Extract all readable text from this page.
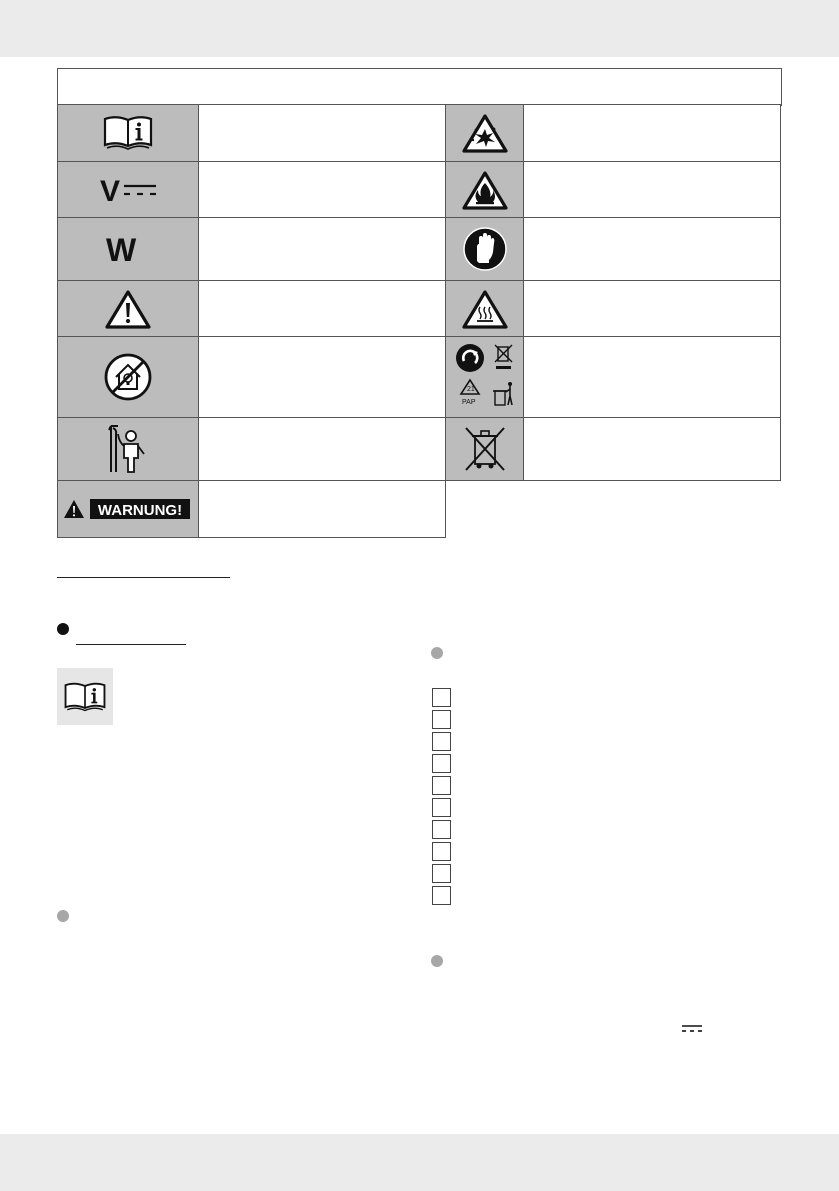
V
W
21
PAP
WARNUNG!
